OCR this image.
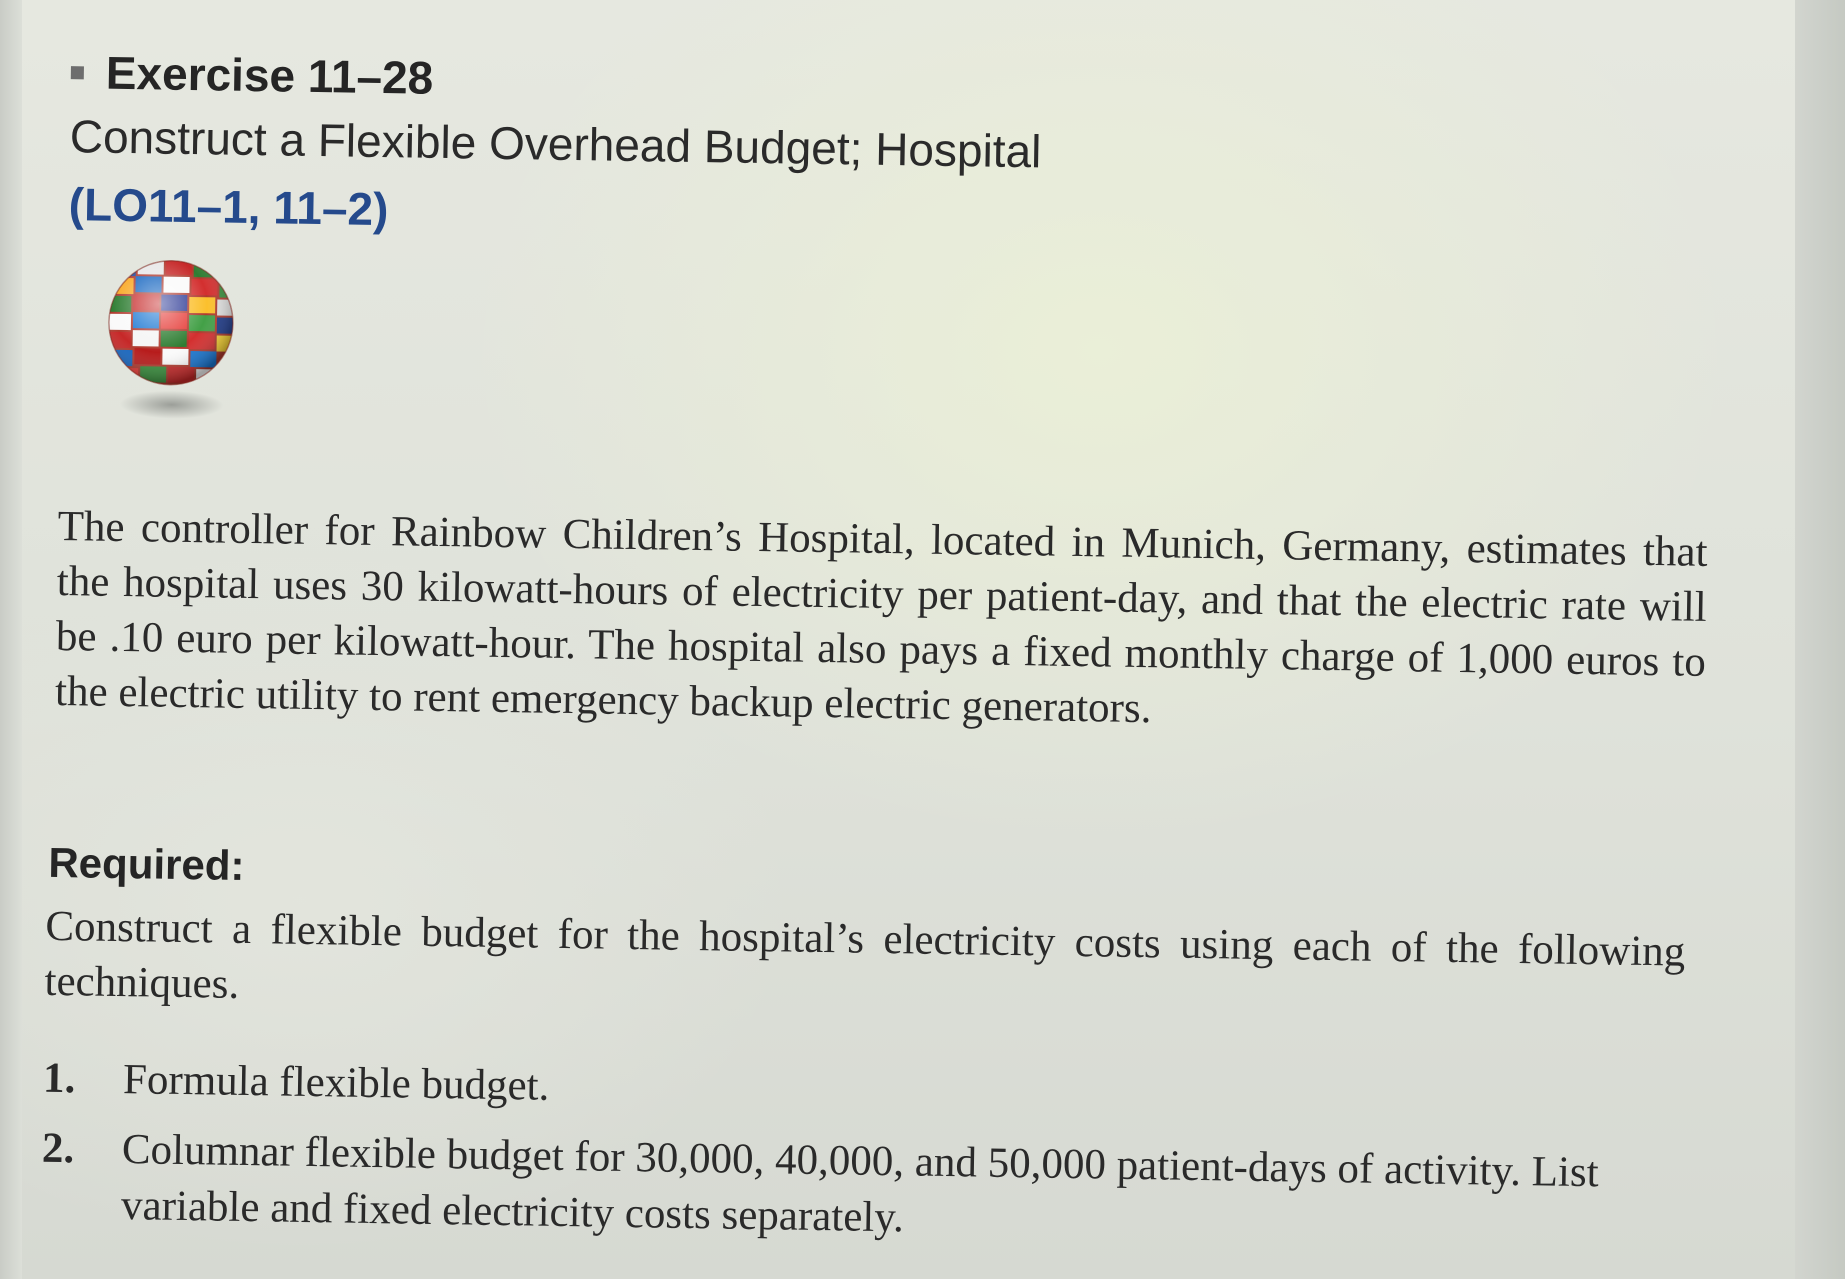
Exercise 11–28
Construct a Flexible Overhead Budget; Hospital
(LO11–1, 11–2)
The controller for Rainbow Children’s Hospital, located in Munich, Germany, estimates that the hospital uses 30 kilowatt-hours of electricity per patient-day, and that the electric rate will be .10 euro per kilowatt-hour. The hospital also pays a fixed monthly charge of 1,000 euros to the electric utility to rent emergency backup electric generators.
Required:
Construct a flexible budget for the hospital’s electricity costs using each of the following techniques.
1.	Formula flexible budget.
2.	Columnar flexible budget for 30,000, 40,000, and 50,000 patient-days of activity. List variable and fixed electricity costs separately.
